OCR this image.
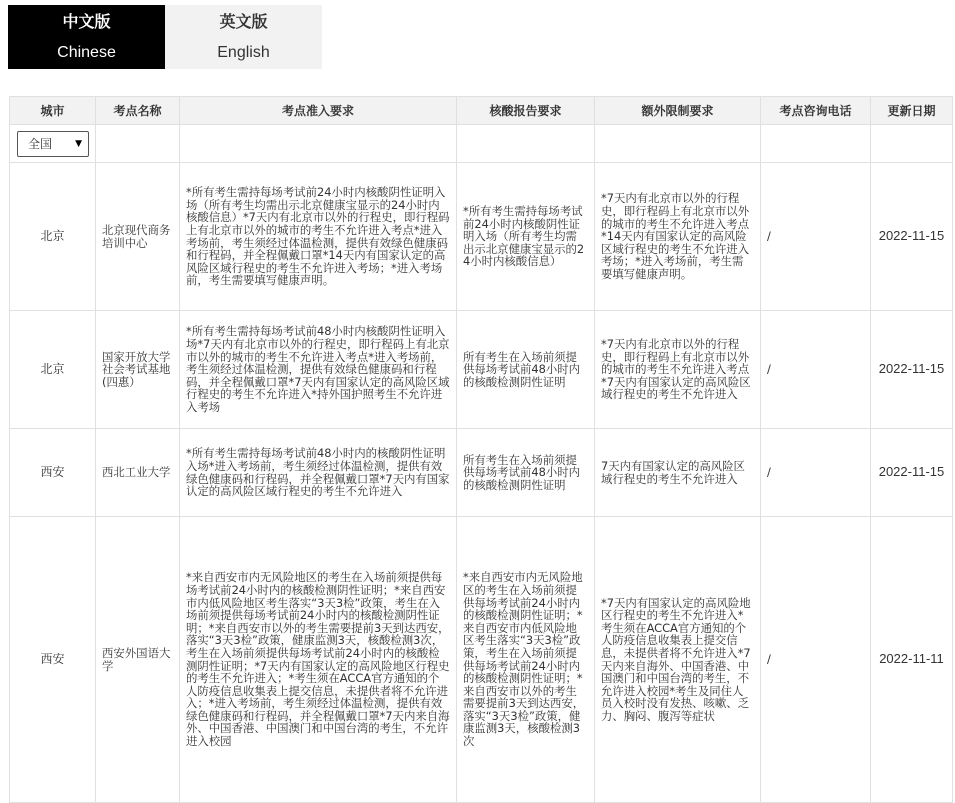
中文版
Chinese
英文版
English
城市	考点名称	考点准入要求	核酸报告要求	额外限制要求	考点咨询电话	更新日期

全国 ▼						

北京	北京现代商务培训中心	*所有考生需持每场考试前24小时内核酸阴性证明入场（所有考生均需出示北京健康宝显示的24小时内核酸信息）*7天内有北京市以外的行程史，即行程码上有北京市以外的城市的考生不允许进入考点*进入考场前，考生须经过体温检测，提供有效绿色健康码和行程码，并全程佩戴口罩*14天内有国家认定的高风险区域行程史的考生不允许进入考场；*进入考场前，考生需要填写健康声明。	*所有考生需持每场考试前24小时内核酸阴性证明入场（所有考生均需出示北京健康宝显示的24小时内核酸信息）	*7天内有北京市以外的行程史，即行程码上有北京市以外的城市的考生不允许进入考点*14天内有国家认定的高风险区域行程史的考生不允许进入考场；*进入考场前，考生需要填写健康声明。	/	2022-11-15
北京	国家开放大学社会考试基地(四惠）	*所有考生需持每场考试前48小时内核酸阴性证明入场*7天内有北京市以外的行程史，即行程码上有北京市以外的城市的考生不允许进入考点*进入考场前，考生须经过体温检测，提供有效绿色健康码和行程码，并全程佩戴口罩*7天内有国家认定的高风险区域行程史的考生不允许进入*持外国护照考生不允许进入考场	所有考生在入场前须提供每场考试前48小时内的核酸检测阴性证明	*7天内有北京市以外的行程史，即行程码上有北京市以外的城市的考生不允许进入考点*7天内有国家认定的高风险区域行程史的考生不允许进入	/	2022-11-15
西安	西北工业大学	*所有考生需持每场考试前48小时内的核酸阴性证明入场*进入考场前，考生须经过体温检测，提供有效绿色健康码和行程码，并全程佩戴口罩*7天内有国家认定的高风险区域行程史的考生不允许进入	所有考生在入场前须提供每场考试前48小时内的核酸检测阴性证明	7天内有国家认定的高风险区域行程史的考生不允许进入	/	2022-11-15
西安	西安外国语大学	*来自西安市内无风险地区的考生在入场前须提供每场考试前24小时内的核酸检测阴性证明；*来自西安市内低风险地区考生落实“3天3检”政策，考生在入场前须提供每场考试前24小时内的核酸检测阴性证明；*来自西安市以外的考生需要提前3天到达西安，落实“3天3检”政策，健康监测3天，核酸检测3次，考生在入场前须提供每场考试前24小时内的核酸检测阴性证明；*7天内有国家认定的高风险地区行程史的考生不允许进入；*考生须在ACCA官方通知的个人防疫信息收集表上提交信息，未提供者将不允许进入；*进入考场前，考生须经过体温检测，提供有效绿色健康码和行程码，并全程佩戴口罩*7天内来自海外、中国香港、中国澳门和中国台湾的考生，不允许进入校园	*来自西安市内无风险地区的考生在入场前须提供每场考试前24小时内的核酸检测阴性证明；*来自西安市内低风险地区考生落实“3天3检”政策，考生在入场前须提供每场考试前24小时内的核酸检测阴性证明；*来自西安市以外的考生需要提前3天到达西安，落实“3天3检”政策，健康监测3天，核酸检测3次	*7天内有国家认定的高风险地区行程史的考生不允许进入*考生须在ACCA官方通知的个人防疫信息收集表上提交信息，未提供者将不允许进入*7天内来自海外、中国香港、中国澳门和中国台湾的考生，不允许进入校园*考生及同住人员入校时没有发热、咳嗽、乏力、胸闷、腹泻等症状	/	2022-11-11
